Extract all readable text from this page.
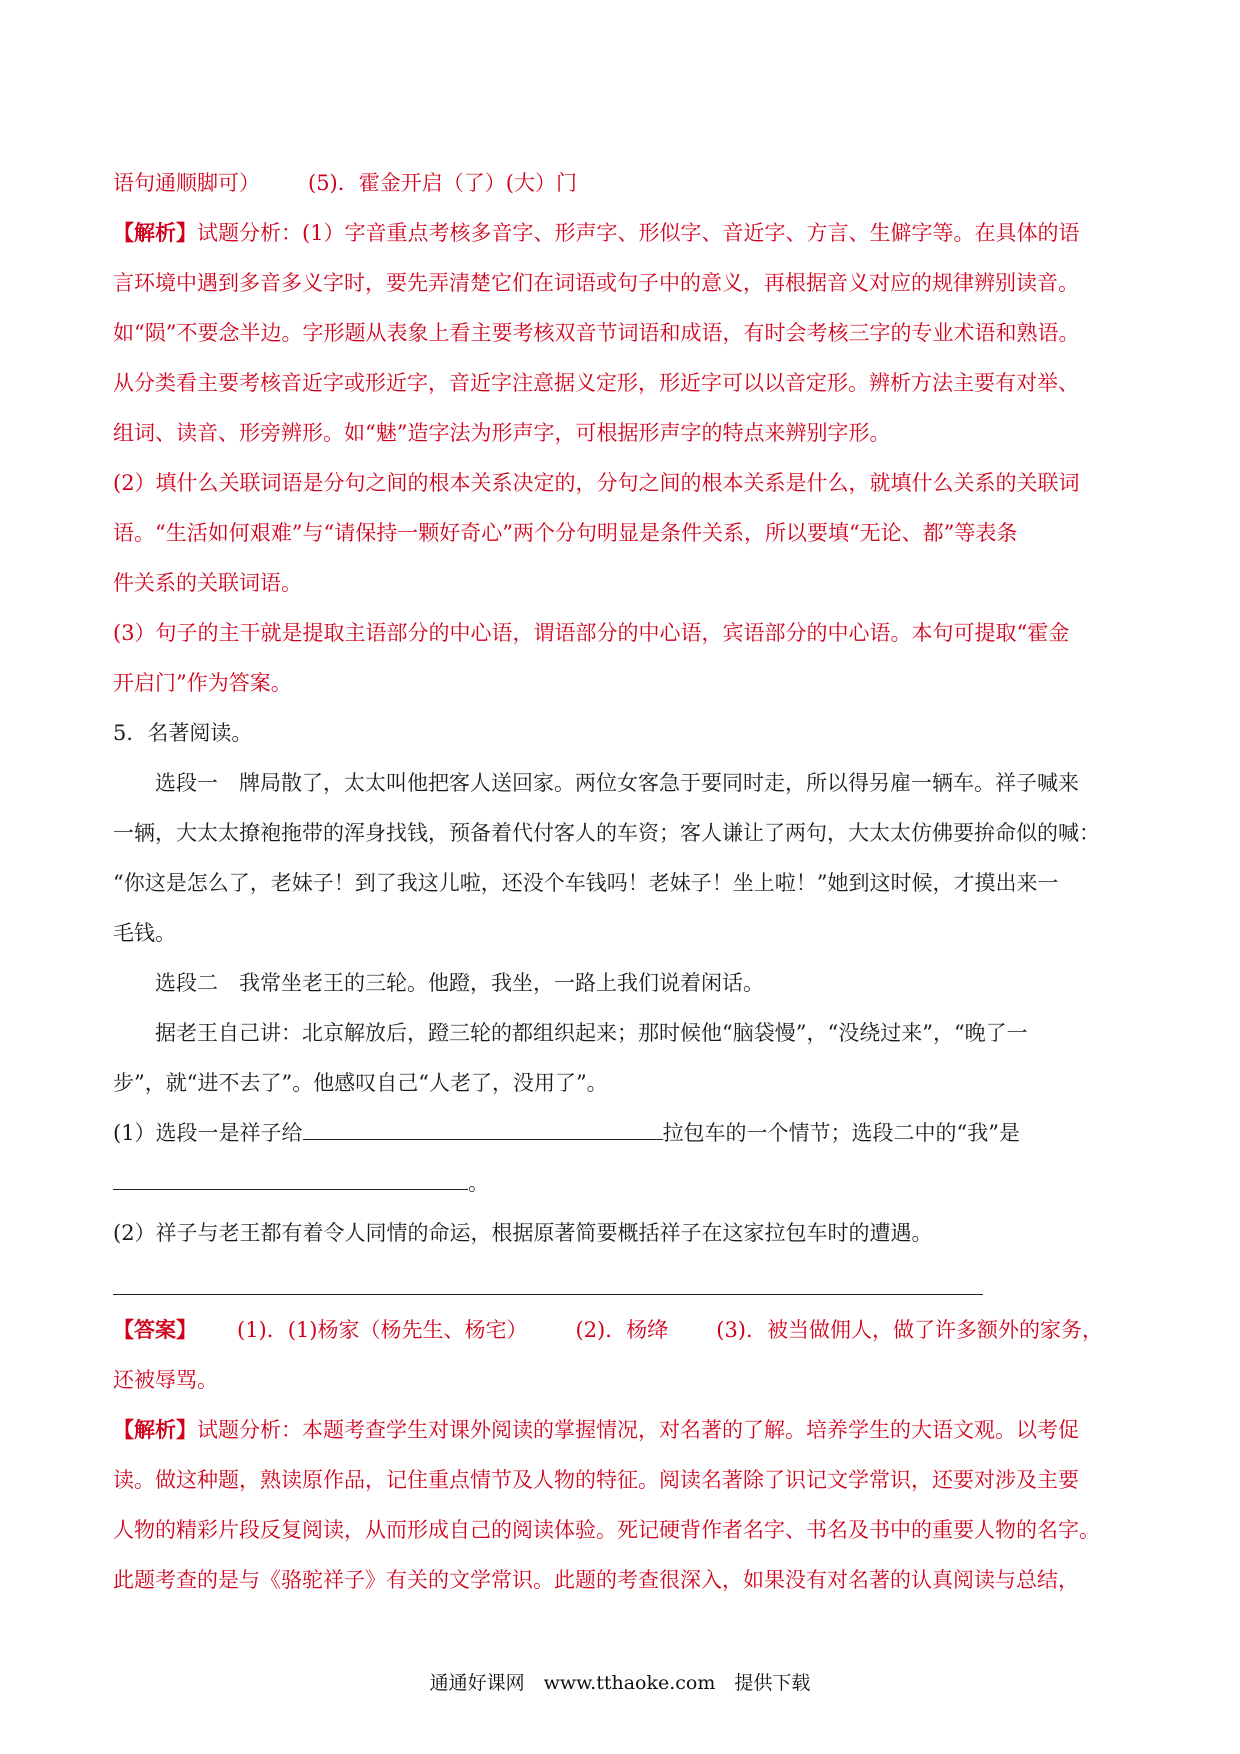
语句通顺脚可） (5)．霍金开启（了）(大）门
【解析】试题分析：(1）字音重点考核多音字、形声字、形似字、音近字、方言、生僻字等。在具体的语
言环境中遇到多音多义字时，要先弄清楚它们在词语或句子中的意义，再根据音义对应的规律辨别读音。
如“陨”不要念半边。字形题从表象上看主要考核双音节词语和成语，有时会考核三字的专业术语和熟语。
从分类看主要考核音近字或形近字，音近字注意据义定形，形近字可以以音定形。辨析方法主要有对举、
组词、读音、形旁辨形。如“魅”造字法为形声字，可根据形声字的特点来辨别字形。
(2）填什么关联词语是分句之间的根本关系决定的，分句之间的根本关系是什么，就填什么关系的关联词
语。“生活如何艰难”与“请保持一颗好奇心”两个分句明显是条件关系，所以要填“无论、都”等表条
件关系的关联词语。
(3）句子的主干就是提取主语部分的中心语，谓语部分的中心语，宾语部分的中心语。本句可提取“霍金
开启门”作为答案。
5．名著阅读。
选段一　牌局散了，太太叫他把客人送回家。两位女客急于要同时走，所以得另雇一辆车。祥子喊来
一辆，大太太撩袍拖带的浑身找钱，预备着代付客人的车资；客人谦让了两句，大太太仿佛要拚命似的喊：
“你这是怎么了，老妹子！到了我这儿啦，还没个车钱吗！老妹子！坐上啦！”她到这时候，才摸出来一
毛钱。
选段二　我常坐老王的三轮。他蹬，我坐，一路上我们说着闲话。
据老王自己讲：北京解放后，蹬三轮的都组织起来；那时候他“脑袋慢”，“没绕过来”，“晚了一
步”，就“进不去了”。他感叹自己“人老了，没用了”。
(1）选段一是祥子给	拉包车的一个情节；选段二中的“我”是
。
(2）祥子与老王都有着令人同情的命运，根据原著简要概括祥子在这家拉包车时的遭遇。
【答案】 (1)．(1)杨家（杨先生、杨宅） (2)．杨绛 (3)．被当做佣人，做了许多额外的家务，
还被辱骂。
【解析】试题分析：本题考查学生对课外阅读的掌握情况，对名著的了解。培养学生的大语文观。以考促
读。做这种题，熟读原作品，记住重点情节及人物的特征。阅读名著除了识记文学常识，还要对涉及主要
人物的精彩片段反复阅读，从而形成自己的阅读体验。死记硬背作者名字、书名及书中的重要人物的名字。
此题考查的是与《骆驼祥子》有关的文学常识。此题的考查很深入，如果没有对名著的认真阅读与总结，
通通好课网　www.tthaoke.com　提供下载
